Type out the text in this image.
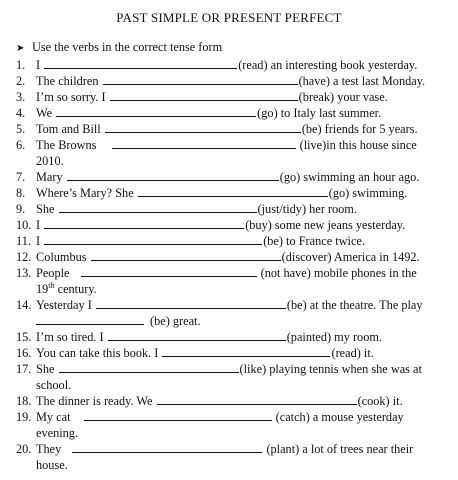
PAST SIMPLE OR PRESENT PERFECT
➤ Use the verbs in the correct tense form
1. I	(read) an interesting book yesterday.
2. The children	(have) a test last Monday.
3. I’m so sorry. I	(break) your vase.
4. We	(go) to Italy last summer.
5. Tom and Bill	(be) friends for 5 years.
6. The Browns	(live)in this house since
2010.
7. Mary	(go) swimming an hour ago.
8. Where’s Mary? She	(go) swimming.
9. She	(just/tidy) her room.
10. I	(buy) some new jeans yesterday.
11. I	(be) to France twice.
12. Columbus	(discover) America in 1492.
13. People	(not have) mobile phones in the
19th century.
14. Yesterday I	(be) at the theatre. The play
(be) great.
15. I’m so tired. I	(painted) my room.
16. You can take this book. I	(read) it.
17. She	(like) playing tennis when she was at
school.
18. The dinner is ready. We	(cook) it.
19. My cat	(catch) a mouse yesterday
evening.
20. They	(plant) a lot of trees near their
house.
